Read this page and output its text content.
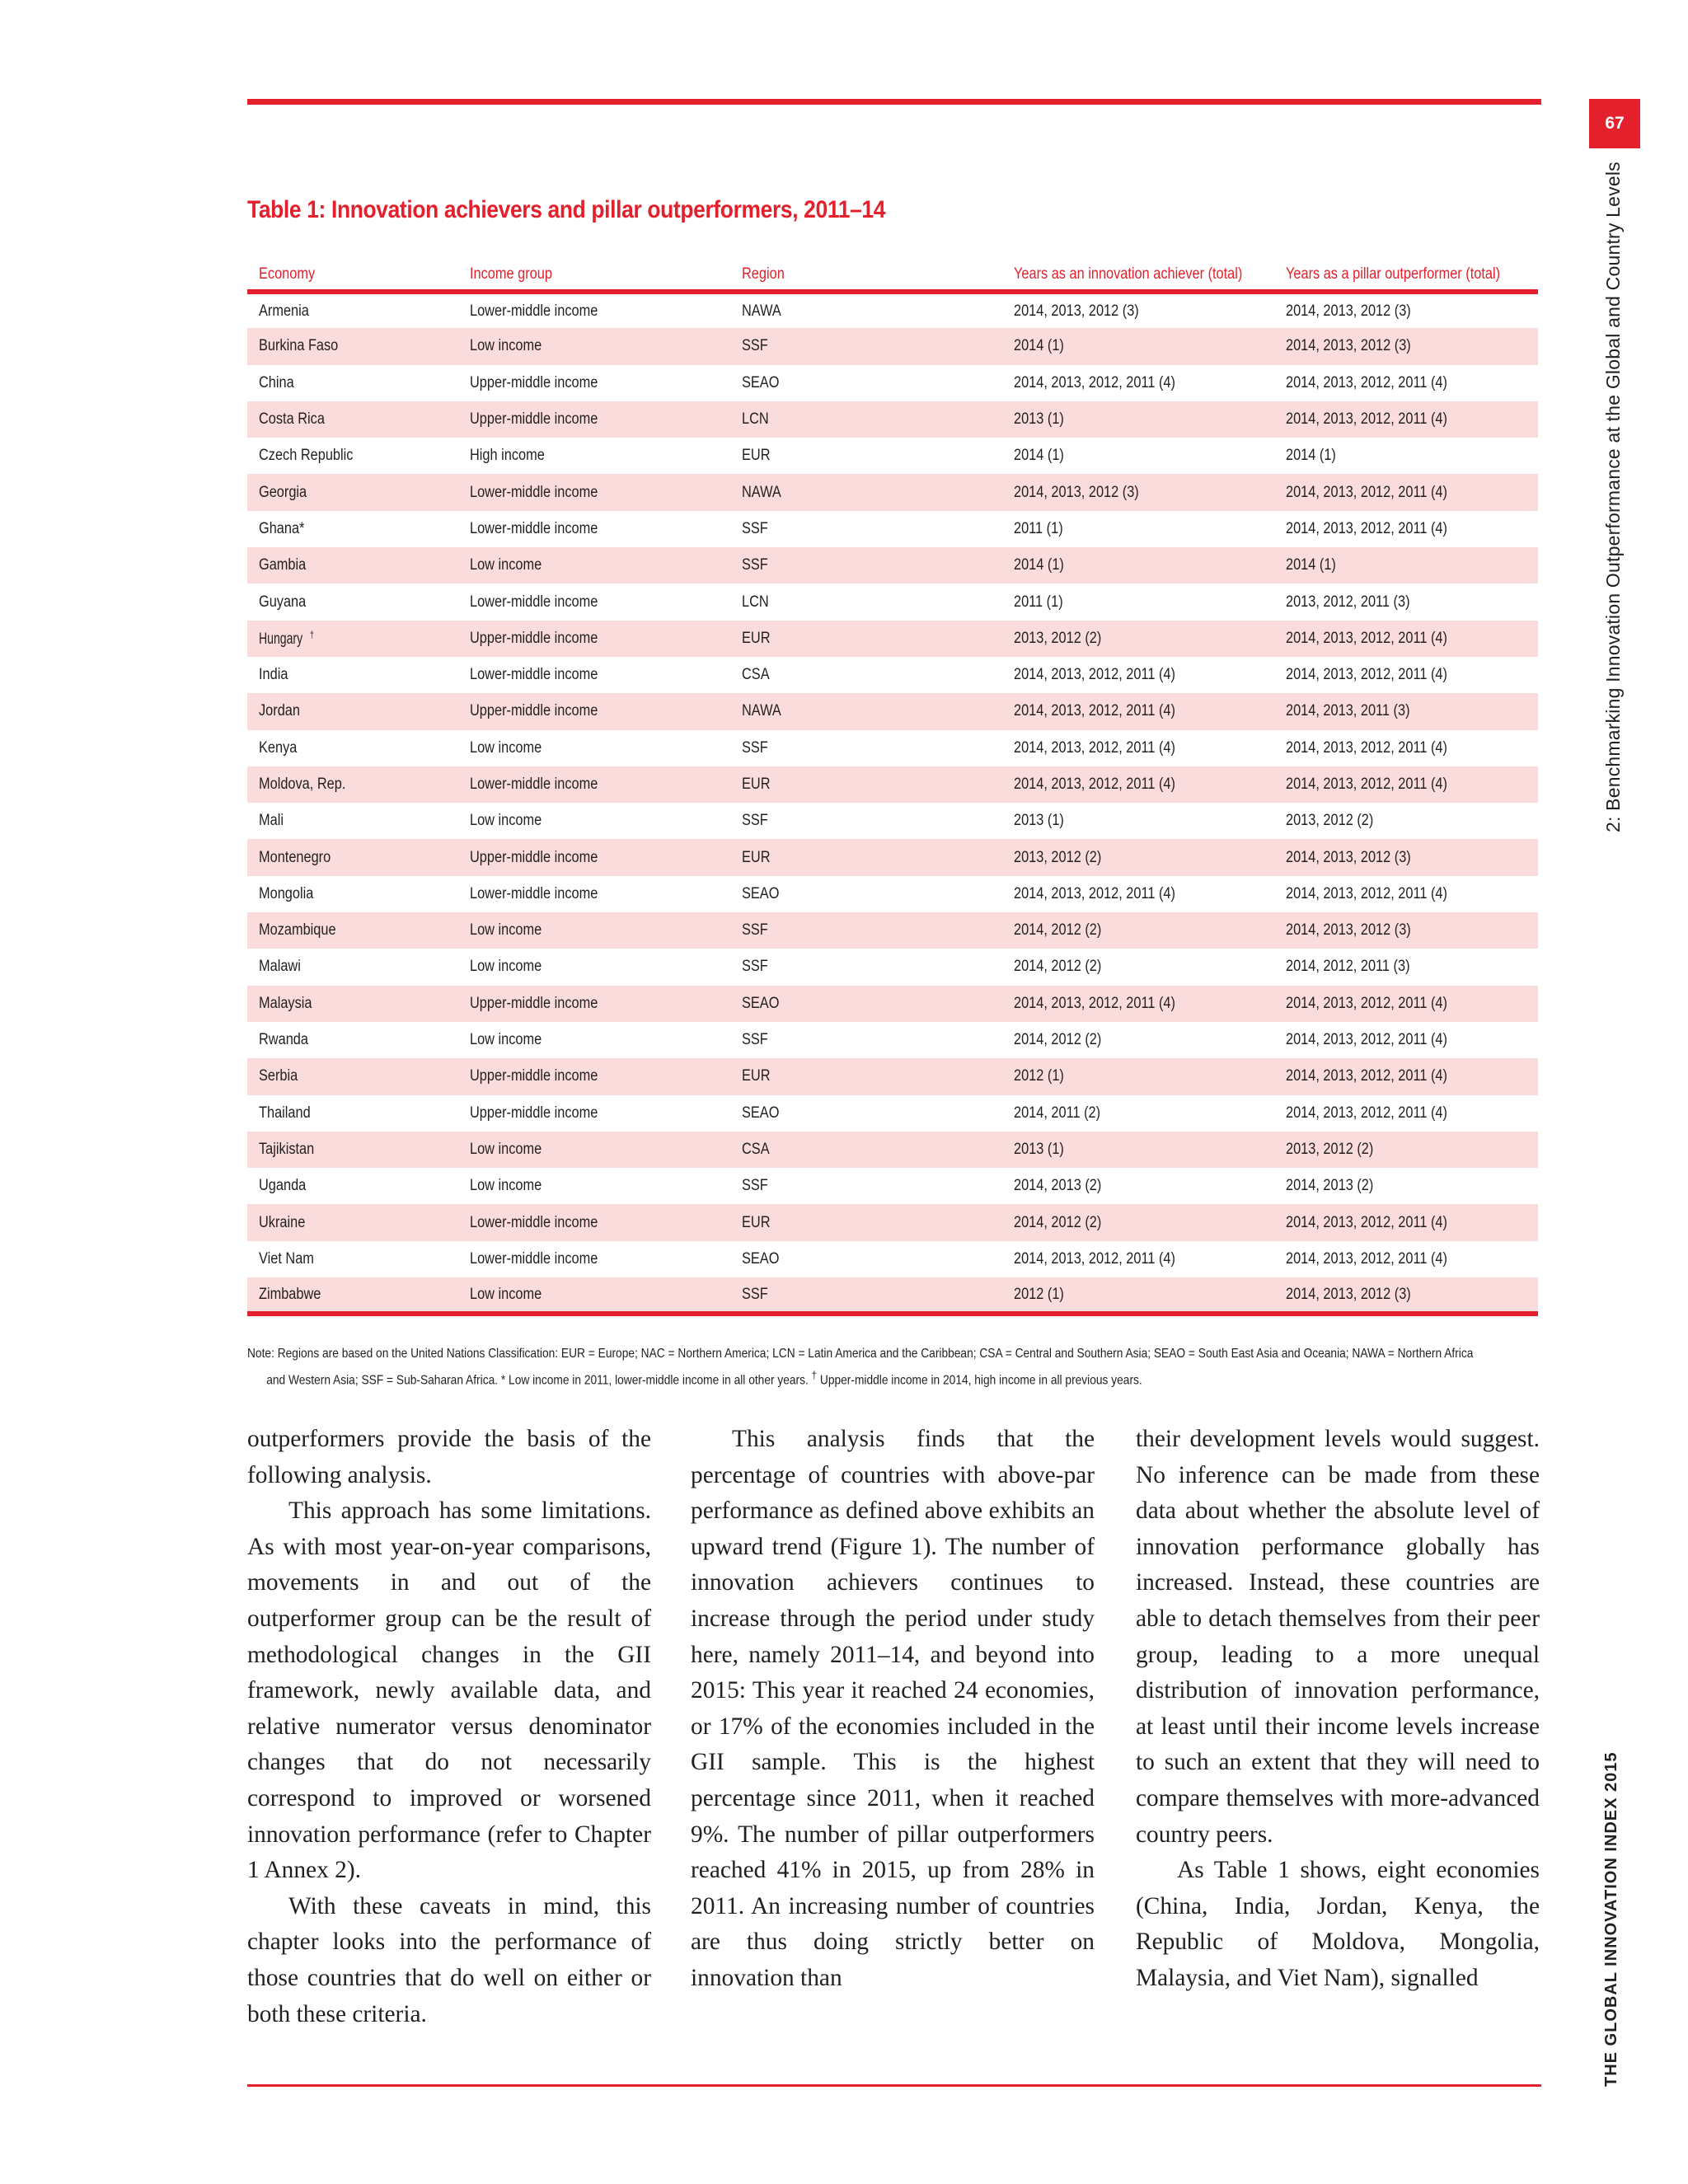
67
2: Benchmarking Innovation Outperformance at the Global and Country Levels
THE GLOBAL INNOVATION INDEX 2015
Table 1: Innovation achievers and pillar outperformers, 2011–14
Economy	Income group	Region	Years as an innovation achiever (total)	Years as a pillar outperformer (total)
Armenia	Lower-middle income	NAWA	2014, 2013, 2012 (3)	2014, 2013, 2012 (3)
Burkina Faso	Low income	SSF	2014 (1)	2014, 2013, 2012 (3)
China	Upper-middle income	SEAO	2014, 2013, 2012, 2011 (4)	2014, 2013, 2012, 2011 (4)
Costa Rica	Upper-middle income	LCN	2013 (1)	2014, 2013, 2012, 2011 (4)
Czech Republic	High income	EUR	2014 (1)	2014 (1)
Georgia	Lower-middle income	NAWA	2014, 2013, 2012 (3)	2014, 2013, 2012, 2011 (4)
Ghana*	Lower-middle income	SSF	2011 (1)	2014, 2013, 2012, 2011 (4)
Gambia	Low income	SSF	2014 (1)	2014 (1)
Guyana	Lower-middle income	LCN	2011 (1)	2013, 2012, 2011 (3)
Hungary †	Upper-middle income	EUR	2013, 2012 (2)	2014, 2013, 2012, 2011 (4)
India	Lower-middle income	CSA	2014, 2013, 2012, 2011 (4)	2014, 2013, 2012, 2011 (4)
Jordan	Upper-middle income	NAWA	2014, 2013, 2012, 2011 (4)	2014, 2013, 2011 (3)
Kenya	Low income	SSF	2014, 2013, 2012, 2011 (4)	2014, 2013, 2012, 2011 (4)
Moldova, Rep.	Lower-middle income	EUR	2014, 2013, 2012, 2011 (4)	2014, 2013, 2012, 2011 (4)
Mali	Low income	SSF	2013 (1)	2013, 2012 (2)
Montenegro	Upper-middle income	EUR	2013, 2012 (2)	2014, 2013, 2012 (3)
Mongolia	Lower-middle income	SEAO	2014, 2013, 2012, 2011 (4)	2014, 2013, 2012, 2011 (4)
Mozambique	Low income	SSF	2014, 2012 (2)	2014, 2013, 2012 (3)
Malawi	Low income	SSF	2014, 2012 (2)	2014, 2012, 2011 (3)
Malaysia	Upper-middle income	SEAO	2014, 2013, 2012, 2011 (4)	2014, 2013, 2012, 2011 (4)
Rwanda	Low income	SSF	2014, 2012 (2)	2014, 2013, 2012, 2011 (4)
Serbia	Upper-middle income	EUR	2012 (1)	2014, 2013, 2012, 2011 (4)
Thailand	Upper-middle income	SEAO	2014, 2011 (2)	2014, 2013, 2012, 2011 (4)
Tajikistan	Low income	CSA	2013 (1)	2013, 2012 (2)
Uganda	Low income	SSF	2014, 2013 (2)	2014, 2013 (2)
Ukraine	Lower-middle income	EUR	2014, 2012 (2)	2014, 2013, 2012, 2011 (4)
Viet Nam	Lower-middle income	SEAO	2014, 2013, 2012, 2011 (4)	2014, 2013, 2012, 2011 (4)
Zimbabwe	Low income	SSF	2012 (1)	2014, 2013, 2012 (3)
Note: Regions are based on the United Nations Classification: EUR = Europe; NAC = Northern America; LCN = Latin America and the Caribbean; CSA = Central and Southern Asia; SEAO = South East Asia and Oceania; NAWA = Northern Africa
and Western Asia; SSF = Sub-Saharan Africa. * Low income in 2011, lower-middle income in all other years. † Upper-middle income in 2014, high income in all previous years.

outperformers provide the basis of the following analysis.

This approach has some limitations. As with most year-on-year comparisons, movements in and out of the outperformer group can be the result of methodological changes in the GII framework, newly available data, and relative numerator versus denominator changes that do not necessarily correspond to improved or worsened innovation performance (refer to Chapter 1 Annex 2).

With these caveats in mind, this chapter looks into the performance of those countries that do well on either or both these criteria.

This analysis finds that the percentage of countries with above-par performance as defined above exhibits an upward trend (Figure 1). The number of innovation achievers continues to increase through the period under study here, namely 2011–14, and beyond into 2015: This year it reached 24 economies, or 17% of the economies included in the GII sample. This is the highest percentage since 2011, when it reached 9%. The number of pillar outperformers reached 41% in 2015, up from 28% in 2011. An increasing number of countries are thus doing strictly better on innovation than

their development levels would suggest. No inference can be made from these data about whether the absolute level of innovation performance globally has increased. Instead, these countries are able to detach themselves from their peer group, leading to a more unequal distribution of innovation performance, at least until their income levels increase to such an extent that they will need to compare themselves with more-advanced country peers.

As Table 1 shows, eight economies (China, India, Jordan, Kenya, the Republic of Moldova, Mongolia, Malaysia, and Viet Nam), signalled
